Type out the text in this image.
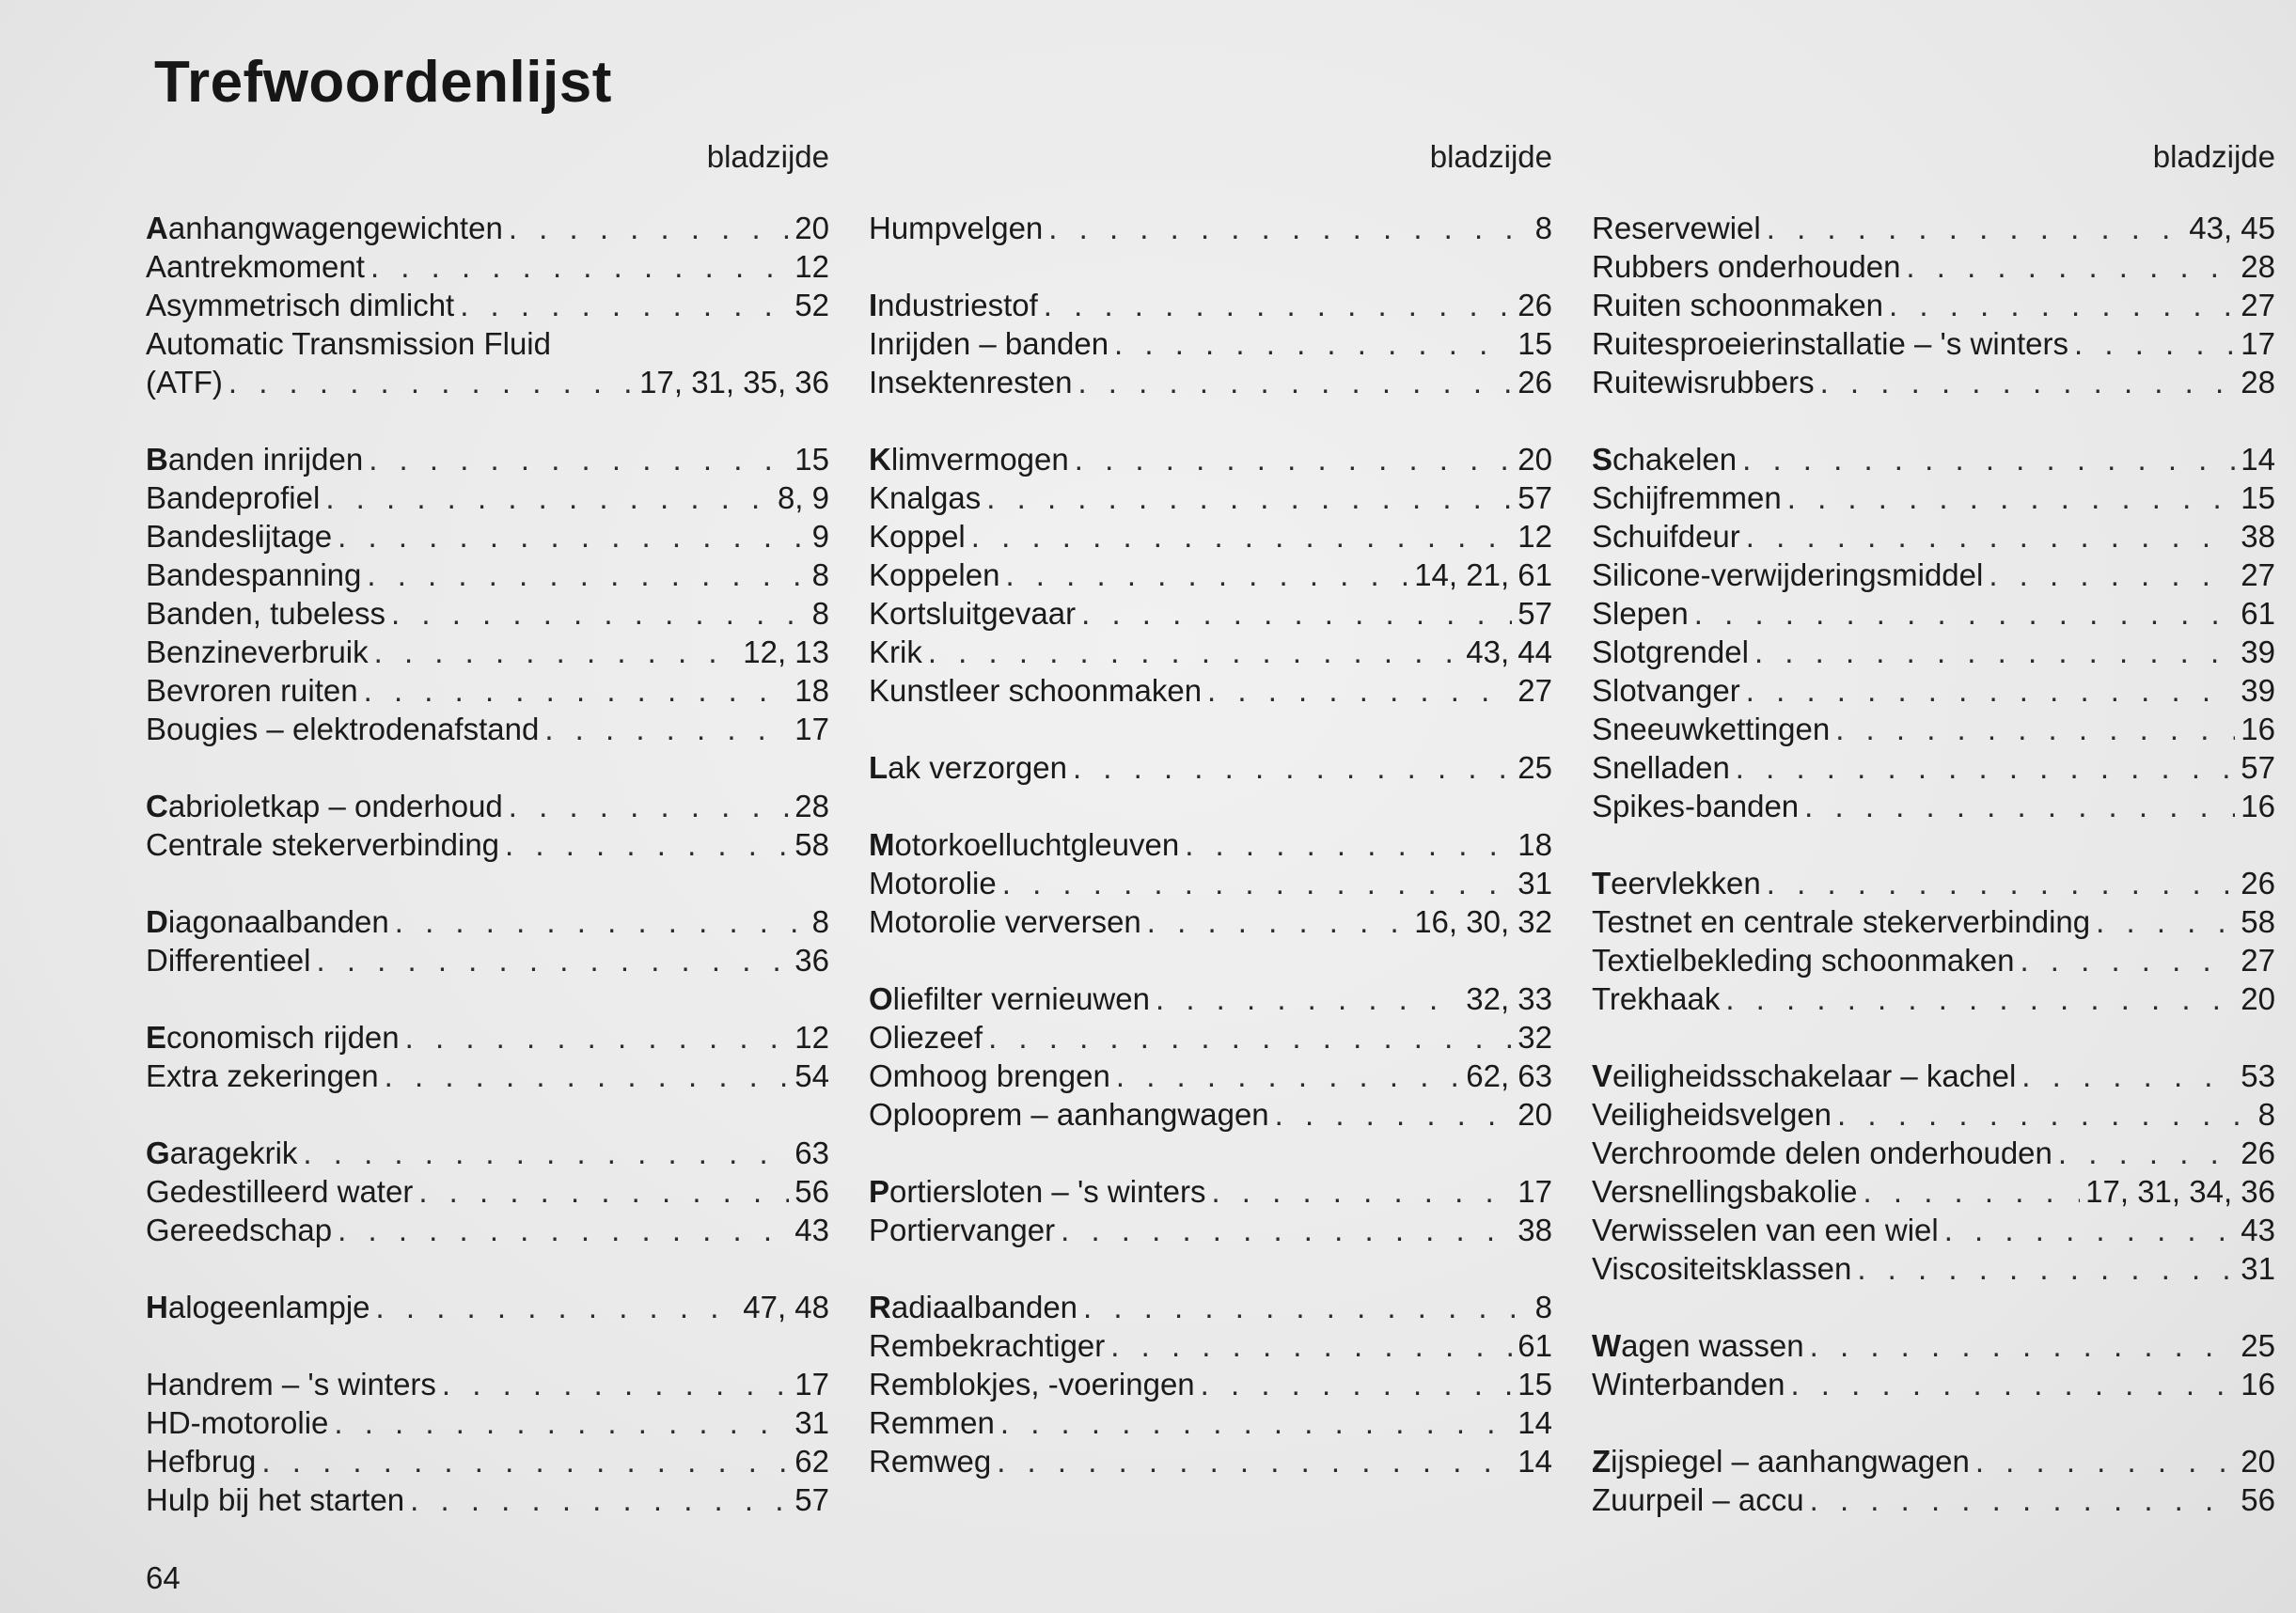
Trefwoordenlijst
bladzijde
Aanhangwagengewichten . . .	20
Aantrekmoment . . .	12
Asymmetrisch dimlicht . . .	52
Automatic Transmission Fluid
(ATF) . . .	17, 31, 35, 36
Banden inrijden . . .	15
Bandeprofiel . . .	8, 9
Bandeslijtage . . .	9
Bandespanning . . .	8
Banden, tubeless . . .	8
Benzineverbruik . . .	12, 13
Bevroren ruiten . . .	18
Bougies – elektrodenafstand . . .	17
Cabrioletkap – onderhoud . . .	28
Centrale stekerverbinding . . .	58
Diagonaalbanden . . .	8
Differentieel . . .	36
Economisch rijden . . .	12
Extra zekeringen . . .	54
Garagekrik . . .	63
Gedestilleerd water . . .	56
Gereedschap . . .	43
Halogeenlampje . . .	47, 48
Handrem – 's winters . . .	17
HD-motorolie . . .	31
Hefbrug . . .	62
Hulp bij het starten . . .	57
bladzijde
Humpvelgen . . .	8
Industriestof . . .	26
Inrijden – banden . . .	15
Insektenresten . . .	26
Klimvermogen . . .	20
Knalgas . . .	57
Koppel . . .	12
Koppelen . . .	14, 21, 61
Kortsluitgevaar . . .	57
Krik . . .	43, 44
Kunstleer schoonmaken . . .	27
Lak verzorgen . . .	25
Motorkoelluchtgleuven . . .	18
Motorolie . . .	31
Motorolie verversen . . .	16, 30, 32
Oliefilter vernieuwen . . .	32, 33
Oliezeef . . .	32
Omhoog brengen . . .	62, 63
Oplooprem – aanhangwagen . . .	20
Portiersloten – 's winters . . .	17
Portiervanger . . .	38
Radiaalbanden . . .	8
Rembekrachtiger . . .	61
Remblokjes, -voeringen . . .	15
Remmen . . .	14
Remweg . . .	14
bladzijde
Reservewiel . . .	43, 45
Rubbers onderhouden . . .	28
Ruiten schoonmaken . . .	27
Ruitesproeierinstallatie – 's winters . . .	17
Ruitewisrubbers . . .	28
Schakelen . . .	14
Schijfremmen . . .	15
Schuifdeur . . .	38
Silicone-verwijderingsmiddel . . .	27
Slepen . . .	61
Slotgrendel . . .	39
Slotvanger . . .	39
Sneeuwkettingen . . .	16
Snelladen . . .	57
Spikes-banden . . .	16
Teervlekken . . .	26
Testnet en centrale stekerverbinding . . .	58
Textielbekleding schoonmaken . . .	27
Trekhaak . . .	20
Veiligheidsschakelaar – kachel . . .	53
Veiligheidsvelgen . . .	8
Verchroomde delen onderhouden . . .	26
Versnellingsbakolie . . .	17, 31, 34, 36
Verwisselen van een wiel . . .	43
Viscositeitsklassen . . .	31
Wagen wassen . . .	25
Winterbanden . . .	16
Zijspiegel – aanhangwagen . . .	20
Zuurpeil – accu . . .	56
64
